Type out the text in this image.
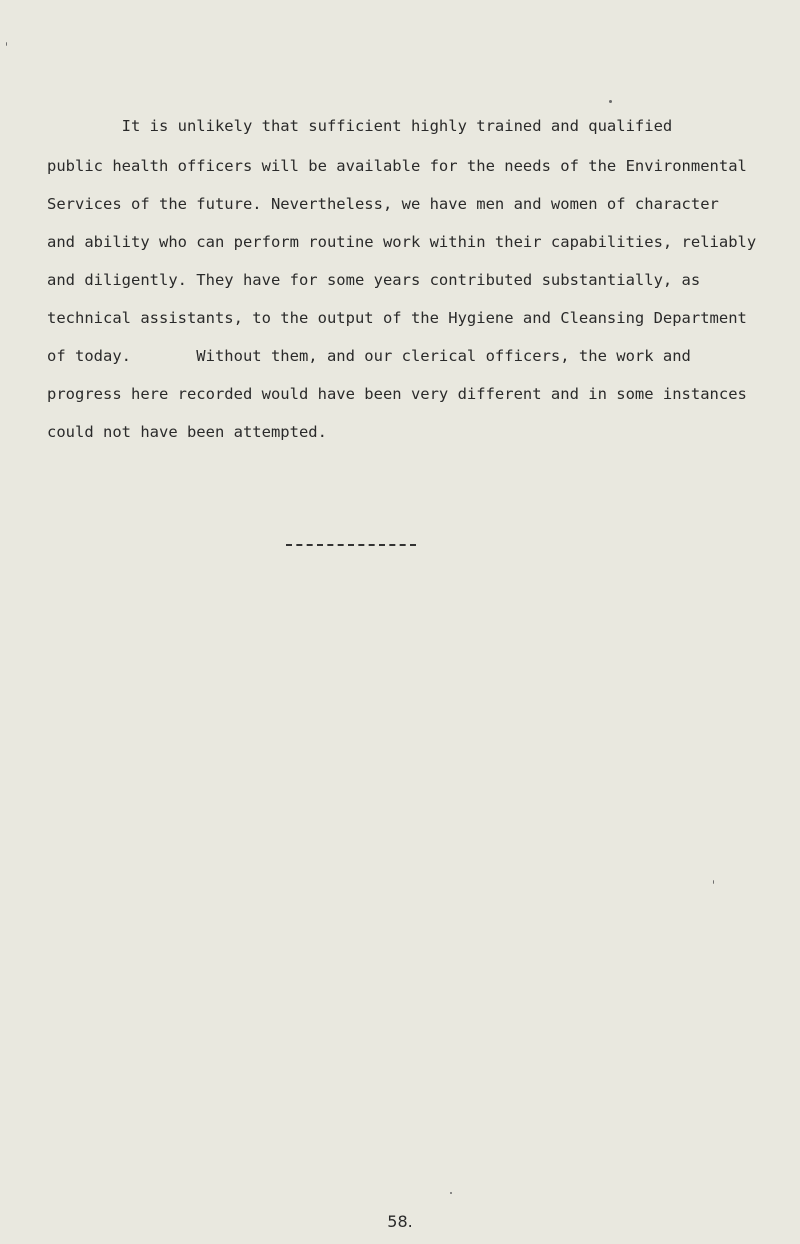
It is unlikely that sufficient highly trained and qualified

public health officers will be available for the needs of the Environmental

Services of the future. Nevertheless, we have men and women of character

and ability who can perform routine work within their capabilities, reliably

and diligently. They have for some years contributed substantially, as

technical assistants, to the output of the Hygiene and Cleansing Department

of today.       Without them, and our clerical officers, the work and

progress here recorded would have been very different and in some instances

could not have been attempted.

58.
